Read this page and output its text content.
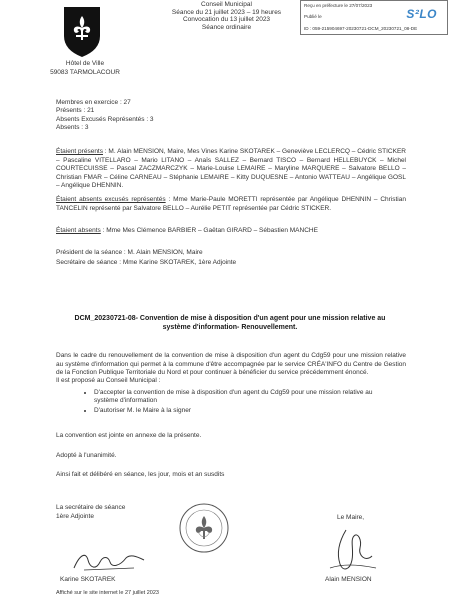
Hôtel de Ville
59083 TARMOLACOUR
Conseil Municipal
Séance du 21 juillet 2023 – 19 heures
Convocation du 13 juillet 2023
Séance ordinaire
Reçu en préfecture le 27/07/2023
Publié le
ID : 059-215904697-20230721-DCM_20230721_08-DE
S²LO
Membres en exercice : 27
Présents : 21
Absents Excusés Représentés : 3
Absents : 3
Étaient présents : M. Alain MENSION, Maire, Mes Vines Karine SKOTAREK – Geneviève LECLERCQ – Cédric STICKER – Pascaline VITELLARO – Mario LITANO – Anaïs SALLEZ – Bernard TISCO – Bernard HELLEBUYCK – Michel COURTECUISSE – Pascal ZACZMARCZYK – Marie-Louise LEMAIRE – Maryline MARQUERE – Salvatore BELLO – Christian FMAR – Céline CARNEAU – Stéphanie LEMAIRE – Kitty DUQUESNE – Antonio WATTEAU – Angélique GOSL – Angélique DHENNIN.
Étaient absents excusés représentés : Mme Marie-Paule MORETTI représentée par Angélique DHENNIN – Christian TANCELIN représenté par Salvatore BELLO – Aurélie PETIT représentée par Cédric STICKER.
Étaient absents : Mme Mes Clémence BARBIER – Gaëtan GIRARD – Sébastien MANCHE
Président de la séance : M. Alain MENSION, Maire
Secrétaire de séance : Mme Karine SKOTAREK, 1ère Adjointe
DCM_20230721-08- Convention de mise à disposition d'un agent pour une mission relative au système d'information- Renouvellement.
Dans le cadre du renouvellement de la convention de mise à disposition d'un agent du Cdg59 pour une mission relative au système d'information qui permet à la commune d'être accompagnée par le service CRÉA'INFO du Centre de Gestion de la Fonction Publique Territoriale du Nord et pour continuer à bénéficier du service précédemment énoncé.
Il est proposé au Conseil Municipal :
• D'accepter la convention de mise à disposition d'un agent du Cdg59 pour une mission relative au système d'information
• D'autoriser M. le Maire à la signer
La convention est jointe en annexe de la présente.
Adopté à l'unanimité.
Ainsi fait et délibéré en séance, les jour, mois et an susdits
La secrétaire de séance
1ère Adjointe
Karine SKOTAREK
Le Maire,
Alain MENSION
Affiché sur le site internet le 27 juillet 2023
